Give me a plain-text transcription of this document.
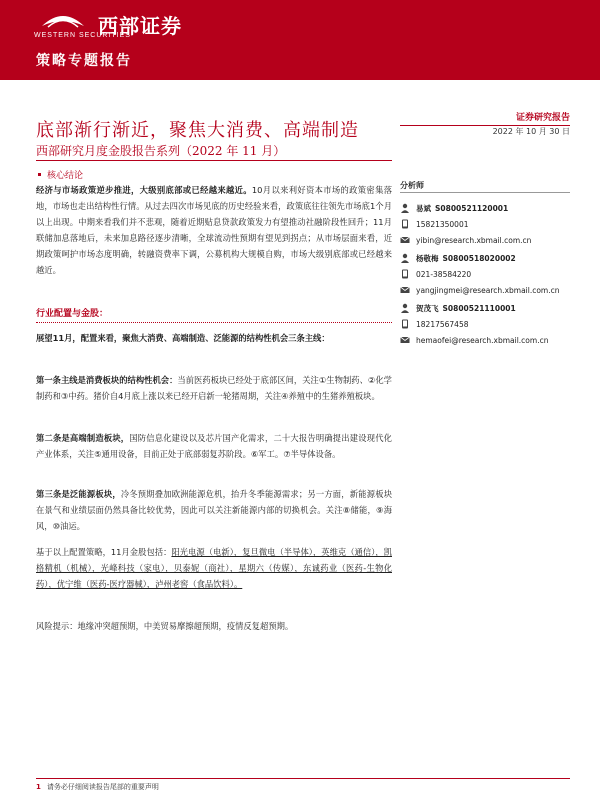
WESTERN SECURITIES
西部证券
策略专题报告
底部渐行渐近，聚焦大消费、高端制造
西部研究月度金股报告系列（2022 年 11 月）
证券研究报告
2022 年 10 月 30 日
核心结论
经济与市场政策逆步推进，大级别底部或已经越来越近。10月以来利好资本市场的政策密集落地，市场也走出结构性行情。从过去四次市场见底的历史经验来看，政策底往往领先市场底1个月以上出现。中期来看我们并不悲观，随着近期贴息贷款政策发力有望推动社融阶段性回升；11月联储加息落地后，未来加息路径逐步清晰，全球流动性预期有望见到拐点；从市场层面来看，近期政策呵护市场态度明确，转融资费率下调，公募机构大规模自购，市场大级别底部或已经越来越近。
行业配置与金股：
展望11月，配置来看，聚焦大消费、高端制造、泛能源的结构性机会三条主线：
第一条主线是消费板块的结构性机会：当前医药板块已经处于底部区间，关注①生物制药、②化学制药和③中药。猪价自4月底上涨以来已经开启新一轮猪周期，关注④养殖中的生猪养殖板块。
第二条是高端制造板块，国防信息化建设以及芯片国产化需求，二十大报告明确提出建设现代化产业体系，关注⑤通用设备，目前正处于底部弱复苏阶段。⑥军工。⑦半导体设备。
第三条是泛能源板块，冷冬预期叠加欧洲能源危机，抬升冬季能源需求；另一方面，新能源板块在景气和业绩层面仍然具备比较优势，因此可以关注新能源内部的切换机会。关注⑧储能，⑨海风，⑩油运。
基于以上配置策略，11月金股包括：阳光电源（电新），复旦微电（半导体），英维克（通信），凯格精机（机械），光峰科技（家电），贝泰妮（商社），星期六（传媒），东诚药业（医药-生物化药），优宁维（医药-医疗器械），泸州老窖（食品饮料）。
风险提示：地缘冲突超预期，中美贸易摩擦超预期，疫情反复超预期。
分析师
易斌 S0800521120001
15821350001
yibin@research.xbmail.com.cn
杨敬梅 S0800518020002
021-38584220
yangjingmei@research.xbmail.com.cn
贺茂飞 S0800521110001
18217567458
hemaofei@research.xbmail.com.cn
1 请务必仔细阅读报告尾部的重要声明
